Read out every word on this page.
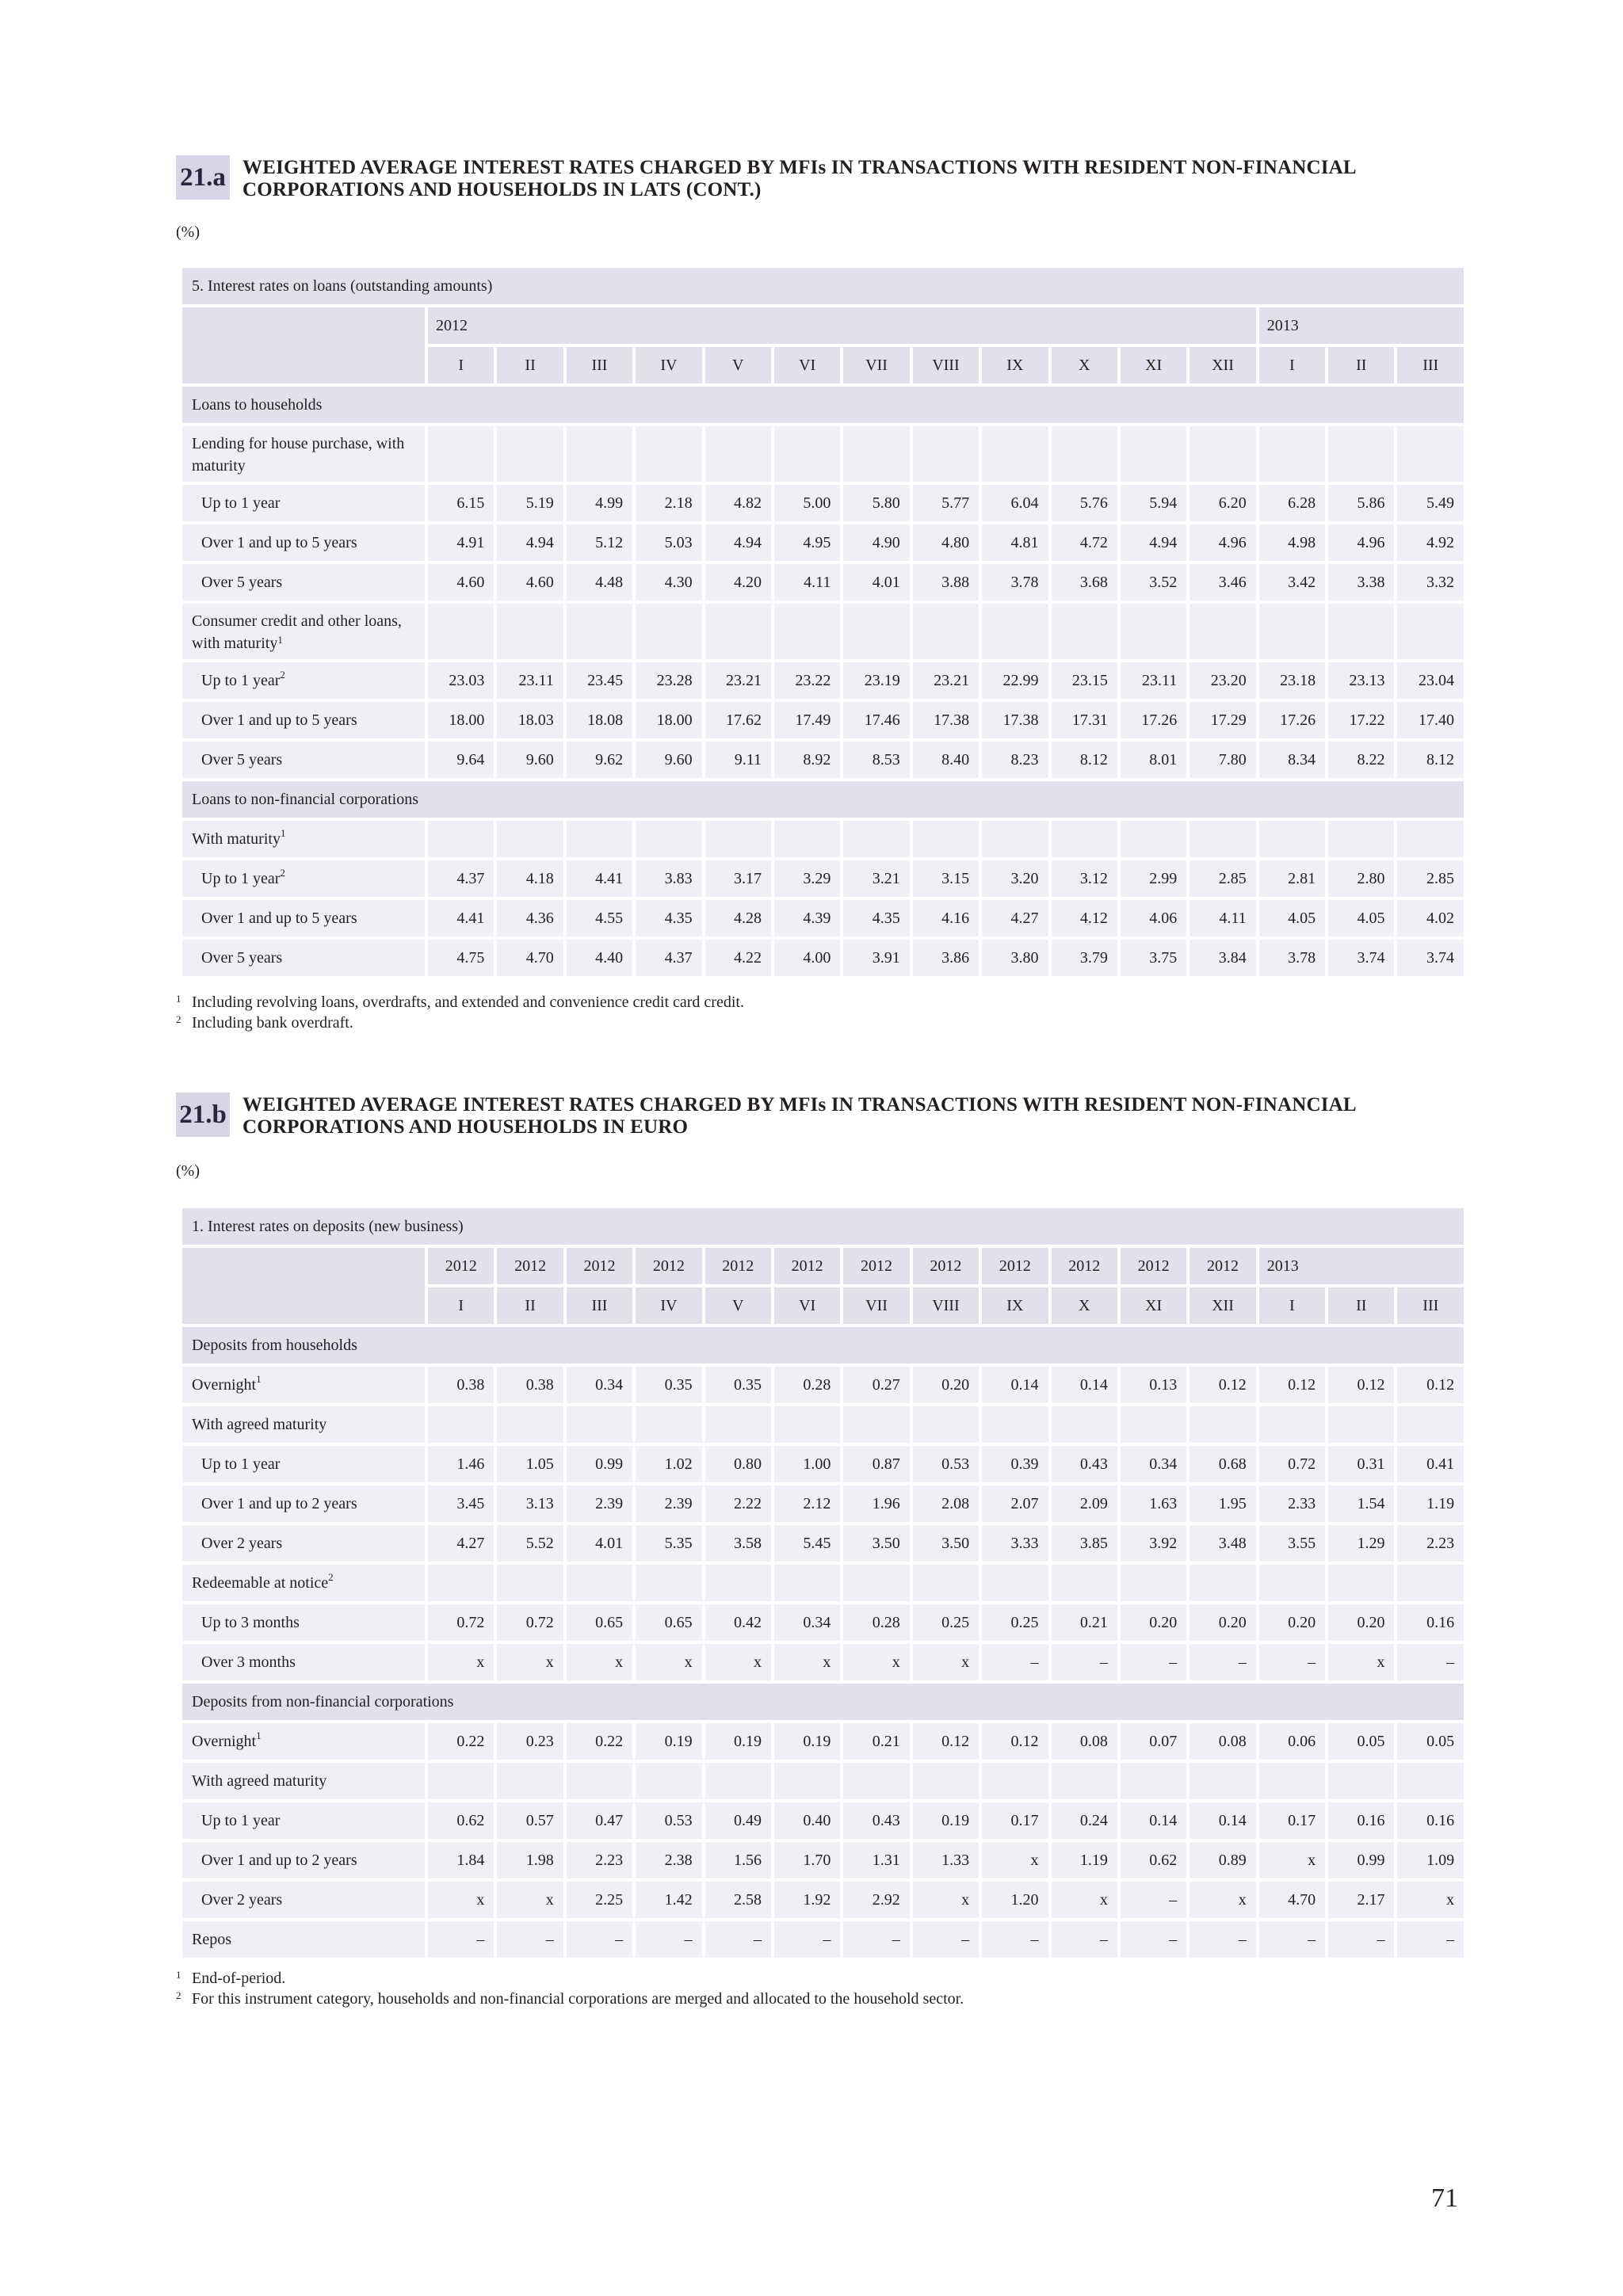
21.a WEIGHTED AVERAGE INTEREST RATES CHARGED BY MFIs IN TRANSACTIONS WITH RESIDENT NON-FINANCIAL CORPORATIONS AND HOUSEHOLDS IN LATS (CONT.)
(%)
5. Interest rates on loans (outstanding amounts)															
	2012												2013		
	I	II	III	IV	V	VI	VII	VIII	IX	X	XI	XII	I	II	III
Loans to households															
Lending for house purchase, with maturity															
Up to 1 year	6.15	5.19	4.99	2.18	4.82	5.00	5.80	5.77	6.04	5.76	5.94	6.20	6.28	5.86	5.49
Over 1 and up to 5 years	4.91	4.94	5.12	5.03	4.94	4.95	4.90	4.80	4.81	4.72	4.94	4.96	4.98	4.96	4.92
Over 5 years	4.60	4.60	4.48	4.30	4.20	4.11	4.01	3.88	3.78	3.68	3.52	3.46	3.42	3.38	3.32
Consumer credit and other loans, with maturity$^1$															
Up to 1 year$^2$	23.03	23.11	23.45	23.28	23.21	23.22	23.19	23.21	22.99	23.15	23.11	23.20	23.18	23.13	23.04
Over 1 and up to 5 years	18.00	18.03	18.08	18.00	17.62	17.49	17.46	17.38	17.38	17.31	17.26	17.29	17.26	17.22	17.40
Over 5 years	9.64	9.60	9.62	9.60	9.11	8.92	8.53	8.40	8.23	8.12	8.01	7.80	8.34	8.22	8.12
Loans to non-financial corporations															
With maturity$^1$															
Up to 1 year$^2$	4.37	4.18	4.41	3.83	3.17	3.29	3.21	3.15	3.20	3.12	2.99	2.85	2.81	2.80	2.85
Over 1 and up to 5 years	4.41	4.36	4.55	4.35	4.28	4.39	4.35	4.16	4.27	4.12	4.06	4.11	4.05	4.05	4.02
Over 5 years	4.75	4.70	4.40	4.37	4.22	4.00	3.91	3.86	3.80	3.79	3.75	3.84	3.78	3.74	3.74
1 Including revolving loans, overdrafts, and extended and convenience credit card credit.
2 Including bank overdraft.
21.b WEIGHTED AVERAGE INTEREST RATES CHARGED BY MFIs IN TRANSACTIONS WITH RESIDENT NON-FINANCIAL CORPORATIONS AND HOUSEHOLDS IN EURO
(%)
1. Interest rates on deposits (new business)															
	2012	2012	2012	2012	2012	2012	2012	2012	2012	2012	2012	2012	2013		
	I	II	III	IV	V	VI	VII	VIII	IX	X	XI	XII	I	II	III
Deposits from households															
Overnight$^1$	0.38	0.38	0.34	0.35	0.35	0.28	0.27	0.20	0.14	0.14	0.13	0.12	0.12	0.12	0.12
With agreed maturity															
Up to 1 year	1.46	1.05	0.99	1.02	0.80	1.00	0.87	0.53	0.39	0.43	0.34	0.68	0.72	0.31	0.41
Over 1 and up to 2 years	3.45	3.13	2.39	2.39	2.22	2.12	1.96	2.08	2.07	2.09	1.63	1.95	2.33	1.54	1.19
Over 2 years	4.27	5.52	4.01	5.35	3.58	5.45	3.50	3.50	3.33	3.85	3.92	3.48	3.55	1.29	2.23
Redeemable at notice$^2$															
Up to 3 months	0.72	0.72	0.65	0.65	0.42	0.34	0.28	0.25	0.25	0.21	0.20	0.20	0.20	0.20	0.16
Over 3 months	x	x	x	x	x	x	x	x	–	–	–	–	–	x	–
Deposits from non-financial corporations															
Overnight$^1$	0.22	0.23	0.22	0.19	0.19	0.19	0.21	0.12	0.12	0.08	0.07	0.08	0.06	0.05	0.05
With agreed maturity															
Up to 1 year	0.62	0.57	0.47	0.53	0.49	0.40	0.43	0.19	0.17	0.24	0.14	0.14	0.17	0.16	0.16
Over 1 and up to 2 years	1.84	1.98	2.23	2.38	1.56	1.70	1.31	1.33	x	1.19	0.62	0.89	x	0.99	1.09
Over 2 years	x	x	2.25	1.42	2.58	1.92	2.92	x	1.20	x	–	x	4.70	2.17	x
Repos	–	–	–	–	–	–	–	–	–	–	–	–	–	–	–
1 End-of-period.
2 For this instrument category, households and non-financial corporations are merged and allocated to the household sector.
71
